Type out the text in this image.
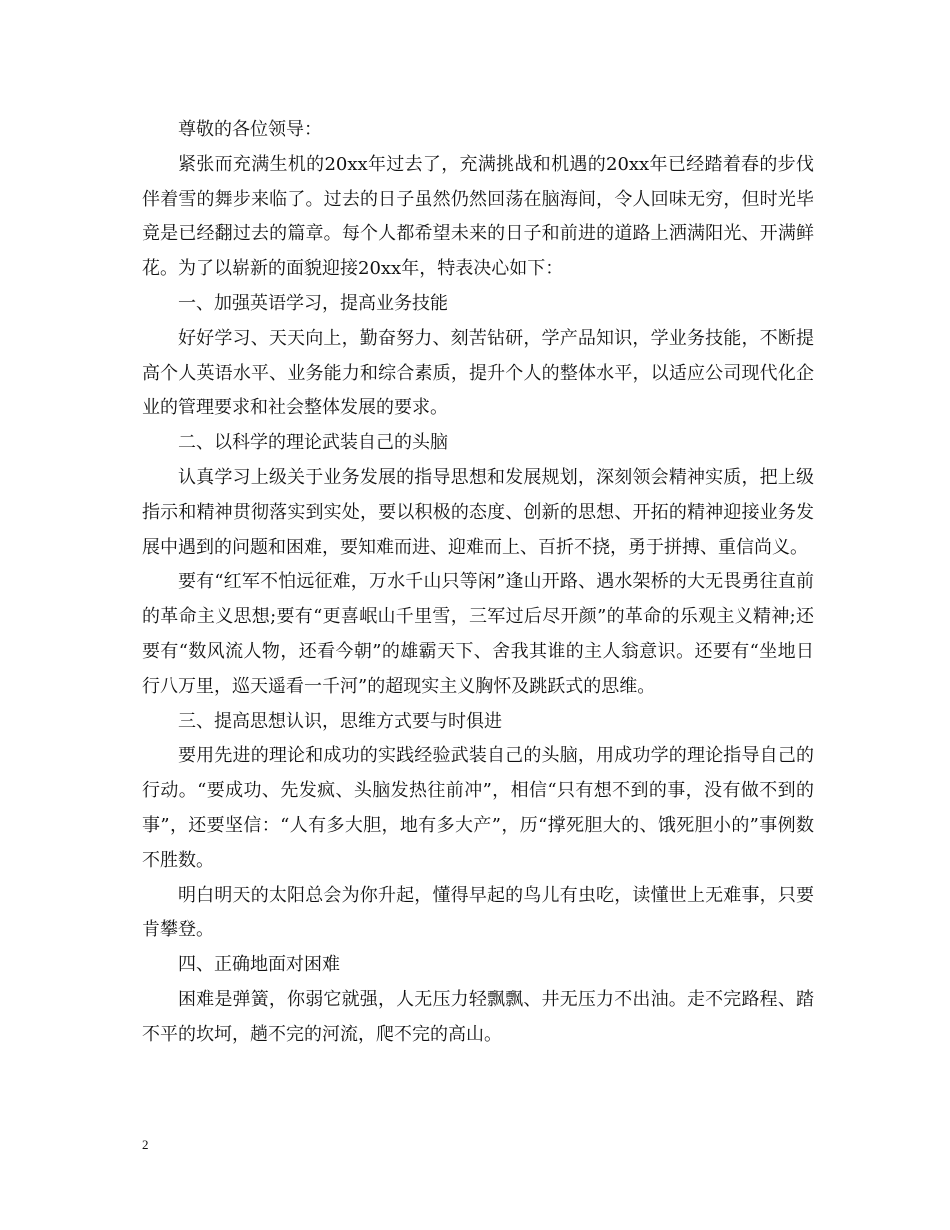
尊敬的各位领导：

紧张而充满生机的20xx年过去了，充满挑战和机遇的20xx年已经踏着春的步伐伴着雪的舞步来临了。过去的日子虽然仍然回荡在脑海间，令人回味无穷，但时光毕竟是已经翻过去的篇章。每个人都希望未来的日子和前进的道路上洒满阳光、开满鲜花。为了以崭新的面貌迎接20xx年，特表决心如下：

一、加强英语学习，提高业务技能

好好学习、天天向上，勤奋努力、刻苦钻研，学产品知识，学业务技能，不断提高个人英语水平、业务能力和综合素质，提升个人的整体水平，以适应公司现代化企业的管理要求和社会整体发展的要求。

二、以科学的理论武装自己的头脑

认真学习上级关于业务发展的指导思想和发展规划，深刻领会精神实质，把上级指示和精神贯彻落实到实处，要以积极的态度、创新的思想、开拓的精神迎接业务发展中遇到的问题和困难，要知难而进、迎难而上、百折不挠，勇于拼搏、重信尚义。

要有“红军不怕远征难，万水千山只等闲”逢山开路、遇水架桥的大无畏勇往直前的革命主义思想;要有“更喜岷山千里雪，三军过后尽开颜”的革命的乐观主义精神;还要有“数风流人物，还看今朝”的雄霸天下、舍我其谁的主人翁意识。还要有“坐地日行八万里，巡天遥看一千河”的超现实主义胸怀及跳跃式的思维。

三、提高思想认识，思维方式要与时俱进

要用先进的理论和成功的实践经验武装自己的头脑，用成功学的理论指导自己的行动。“要成功、先发疯、头脑发热往前冲”，相信“只有想不到的事，没有做不到的事”，还要坚信：“人有多大胆，地有多大产”，历“撑死胆大的、饿死胆小的”事例数不胜数。

明白明天的太阳总会为你升起，懂得早起的鸟儿有虫吃，读懂世上无难事，只要肯攀登。

四、正确地面对困难

困难是弹簧，你弱它就强，人无压力轻飘飘、井无压力不出油。走不完路程、踏不平的坎坷，趟不完的河流，爬不完的高山。

2
